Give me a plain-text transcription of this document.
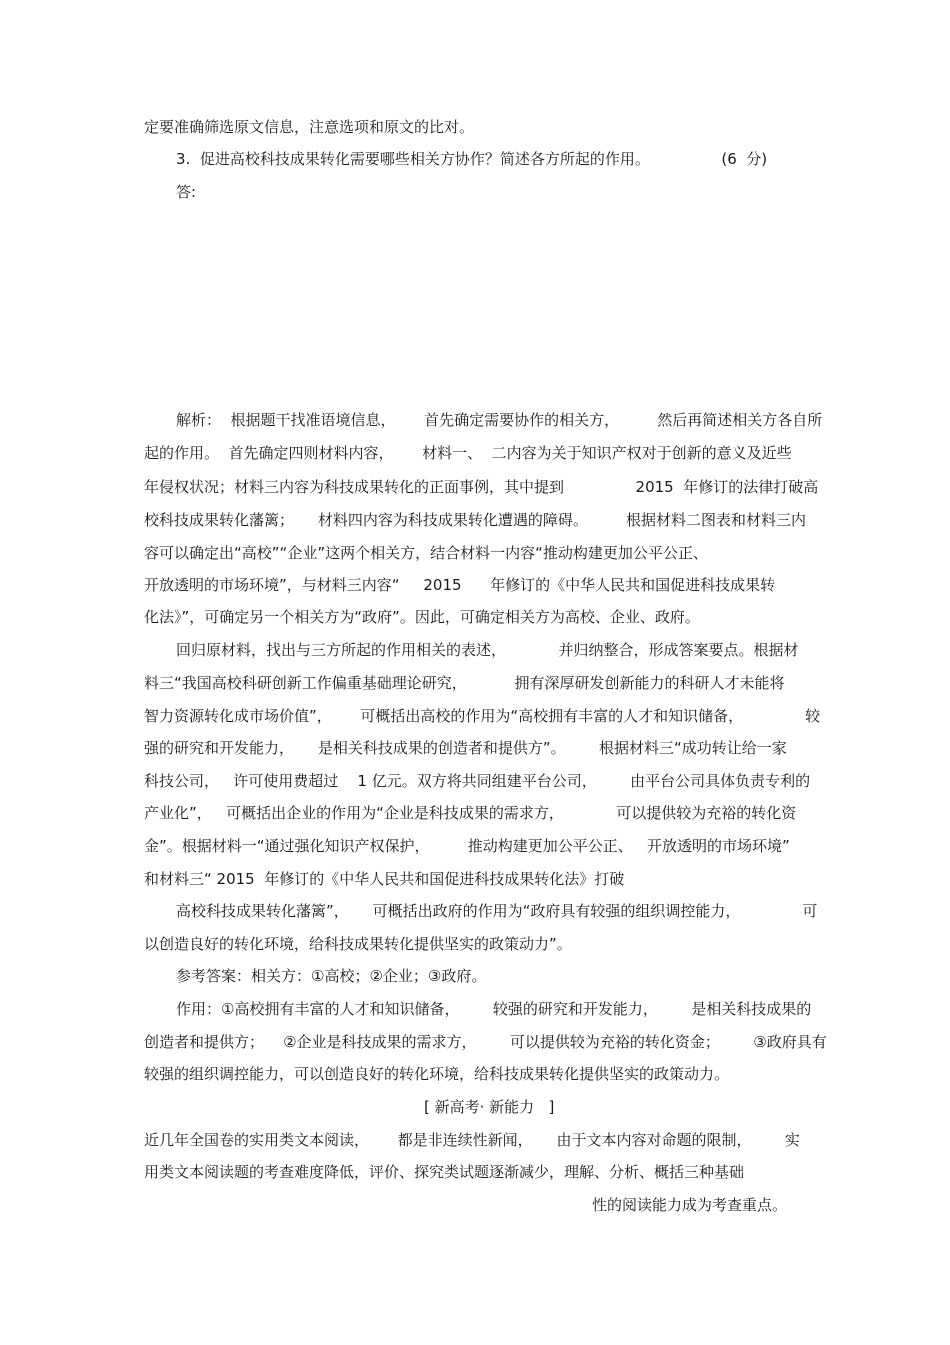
定要准确筛选原文信息，注意选项和原文的比对。

3.  促进高校科技成果转化需要哪些相关方协作？简述各方所起的作用。               (6  分)

答:

解析：  根据题干找准语境信息，      首先确定需要协作的相关方，        然后再简述相关方各自所

起的作用。  首先确定四则材料内容，      材料一、  二内容为关于知识产权对于创新的意义及近些

年侵权状况；材料三内容为科技成果转化的正面事例，其中提到               2015  年修订的法律打破高

校科技成果转化藩篱；     材料四内容为科技成果转化遭遇的障碍。        根据材料二图表和材料三内

容可以确定出“高校”“企业”这两个相关方，结合材料一内容“推动构建更加公平公正、

开放透明的市场环境”，与材料三内容“     2015      年修订的《中华人民共和国促进科技成果转

化法》”，可确定另一个相关方为“政府”。因此，可确定相关方为高校、企业、政府。

回归原材料，找出与三方所起的作用相关的表述，           并归纳整合，形成答案要点。根据材

料三“我国高校科研创新工作偏重基础理论研究，          拥有深厚研发创新能力的科研人才未能将

智力资源转化成市场价值”，      可概括出高校的作用为“高校拥有丰富的人才和知识储备，             较

强的研究和开发能力，     是相关科技成果的创造者和提供方”。       根据材料三“成功转让给一家

科技公司，   许可使用费超过    1 亿元。双方将共同组建平台公司，       由平台公司具体负责专利的

产业化”，   可概括出企业的作用为“企业是科技成果的需求方，           可以提供较为充裕的转化资

金”。根据材料一“通过强化知识产权保护，        推动构建更加公平公正、   开放透明的市场环境”

和材料三“ 2015  年修订的《中华人民共和国促进科技成果转化法》打破

高校科技成果转化藩篱”，     可概括出政府的作用为“政府具有较强的组织调控能力，             可

以创造良好的转化环境，给科技成果转化提供坚实的政策动力”。

参考答案：相关方：①高校；②企业；③政府。

作用：①高校拥有丰富的人才和知识储备，       较强的研究和开发能力，       是相关科技成果的

创造者和提供方；    ②企业是科技成果的需求方，       可以提供较为充裕的转化资金；       ③政府具有

较强的组织调控能力，可以创造良好的转化环境，给科技成果转化提供坚实的政策动力。

[ 新高考· 新能力   ]

近几年全国卷的实用类文本阅读，      都是非连续性新闻，     由于文本内容对命题的限制，       实

用类文本阅读题的考查难度降低，评价、探究类试题逐渐减少，理解、分析、概括三种基础

性的阅读能力成为考查重点。
